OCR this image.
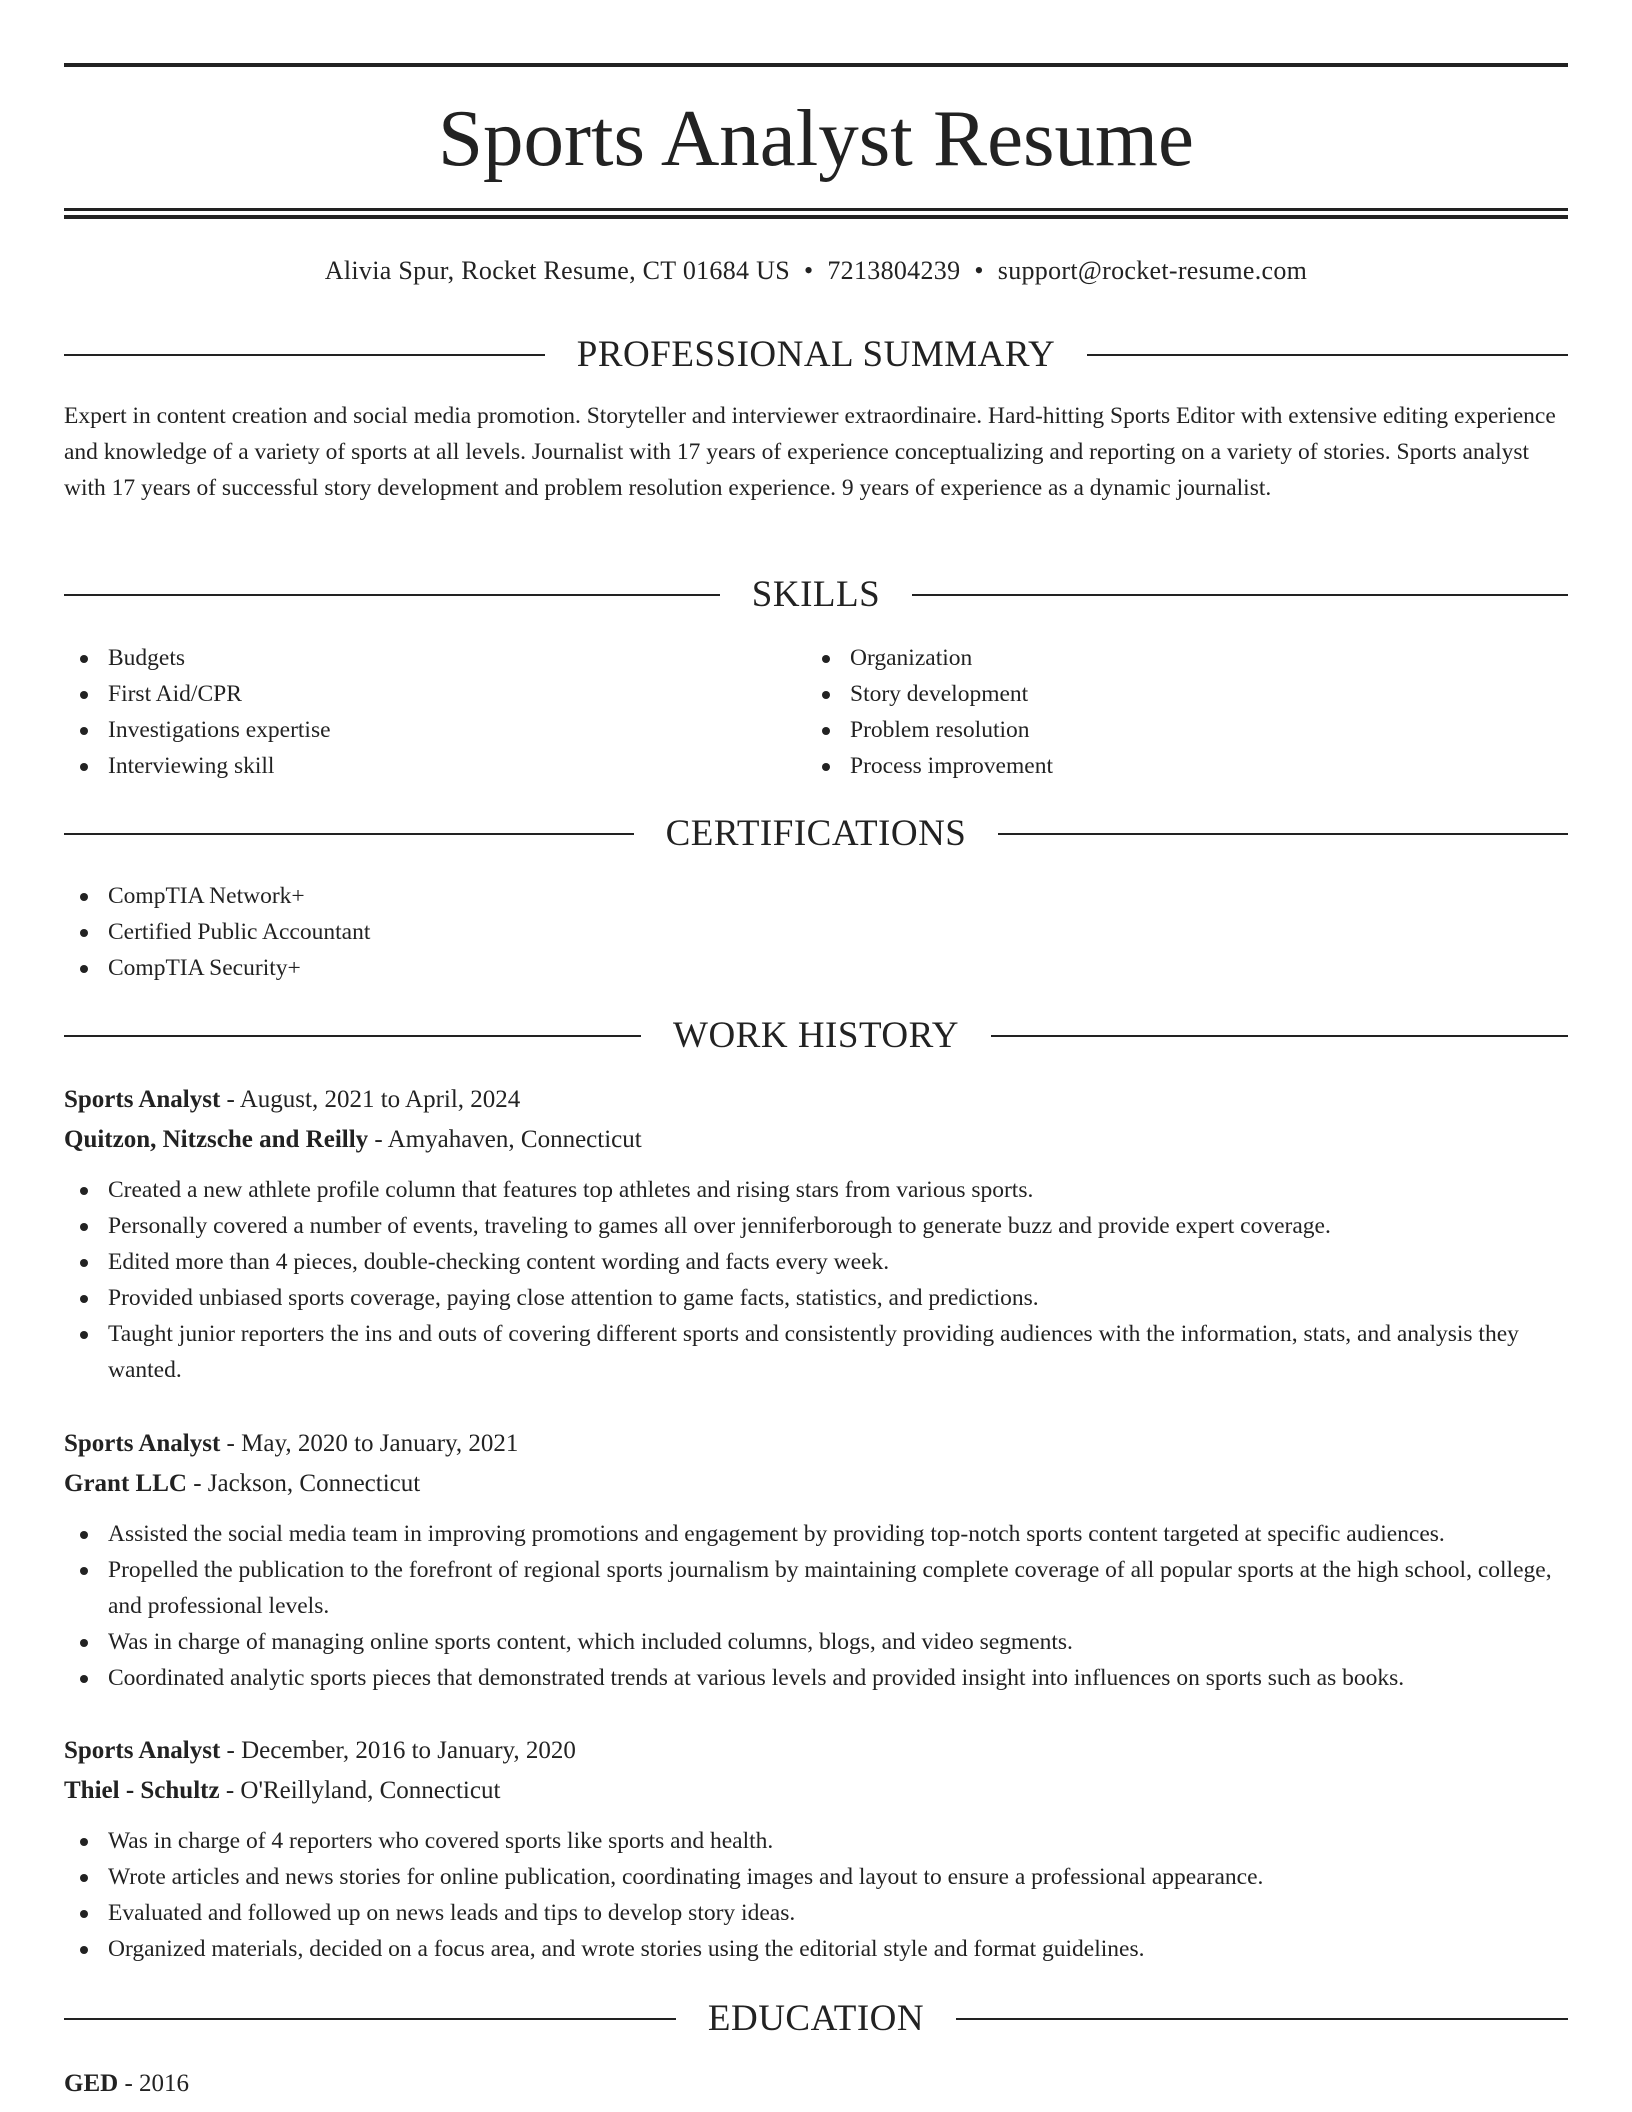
Sports Analyst Resume
Alivia Spur, Rocket Resume, CT 01684 US • 7213804239 • support@rocket-resume.com
PROFESSIONAL SUMMARY

Expert in content creation and social media promotion. Storyteller and interviewer extraordinaire. Hard-hitting Sports Editor with extensive editing experience and knowledge of a variety of sports at all levels. Journalist with 17 years of experience conceptualizing and reporting on a variety of stories. Sports analyst with 17 years of successful story development and problem resolution experience. 9 years of experience as a dynamic journalist.

SKILLS
Budgets
First Aid/CPR
Investigations expertise
Interviewing skill
Organization
Story development
Problem resolution
Process improvement
CERTIFICATIONS
CompTIA Network+
Certified Public Accountant
CompTIA Security+
WORK HISTORY
Sports Analyst - August, 2021 to April, 2024
Quitzon, Nitzsche and Reilly - Amyahaven, Connecticut
Created a new athlete profile column that features top athletes and rising stars from various sports.
Personally covered a number of events, traveling to games all over jenniferborough to generate buzz and provide expert coverage.
Edited more than 4 pieces, double-checking content wording and facts every week.
Provided unbiased sports coverage, paying close attention to game facts, statistics, and predictions.
Taught junior reporters the ins and outs of covering different sports and consistently providing audiences with the information, stats, and analysis they wanted.
Sports Analyst - May, 2020 to January, 2021
Grant LLC - Jackson, Connecticut
Assisted the social media team in improving promotions and engagement by providing top-notch sports content targeted at specific audiences.
Propelled the publication to the forefront of regional sports journalism by maintaining complete coverage of all popular sports at the high school, college, and professional levels.
Was in charge of managing online sports content, which included columns, blogs, and video segments.
Coordinated analytic sports pieces that demonstrated trends at various levels and provided insight into influences on sports such as books.
Sports Analyst - December, 2016 to January, 2020
Thiel - Schultz - O'Reillyland, Connecticut
Was in charge of 4 reporters who covered sports like sports and health.
Wrote articles and news stories for online publication, coordinating images and layout to ensure a professional appearance.
Evaluated and followed up on news leads and tips to develop story ideas.
Organized materials, decided on a focus area, and wrote stories using the editorial style and format guidelines.
EDUCATION
GED - 2016
